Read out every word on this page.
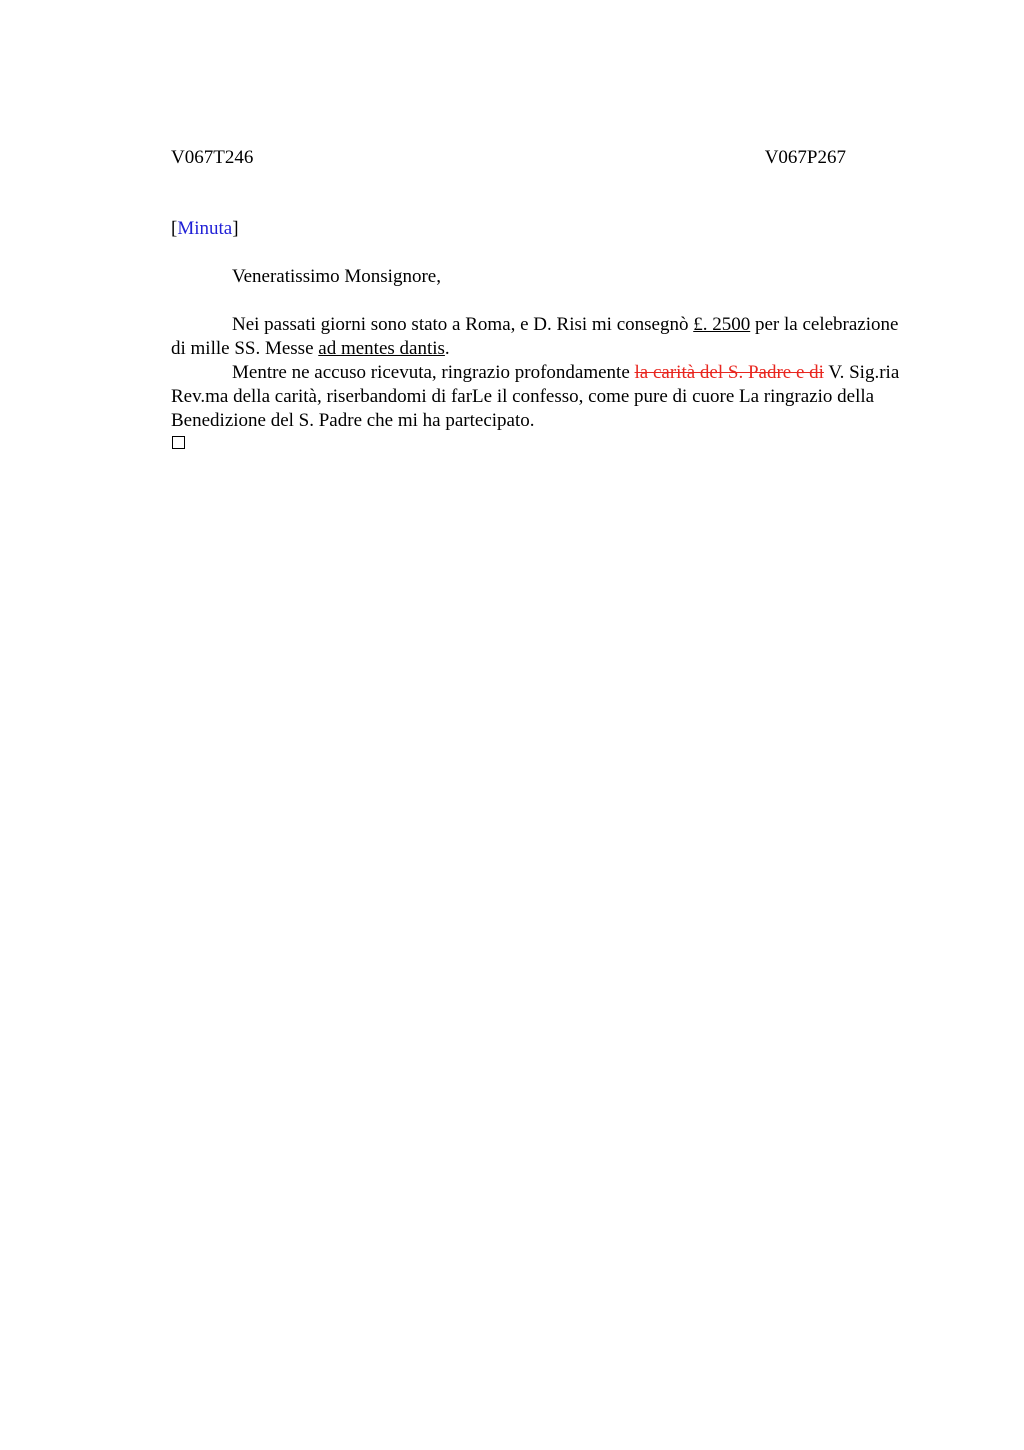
V067T246	V067P267
[Minuta]
Veneratissimo Monsignore,

Nei passati giorni sono stato a Roma, e D. Risi mi consegnò £. 2500 per la celebrazione di mille SS. Messe ad mentes dantis.

Mentre ne accuso ricevuta, ringrazio profondamente la carità del S. Padre e di V. Sig.ria Rev.ma della carità, riserbandomi di farLe il confesso, come pure di cuore La ringrazio della Benedizione del S. Padre che mi ha partecipato.
